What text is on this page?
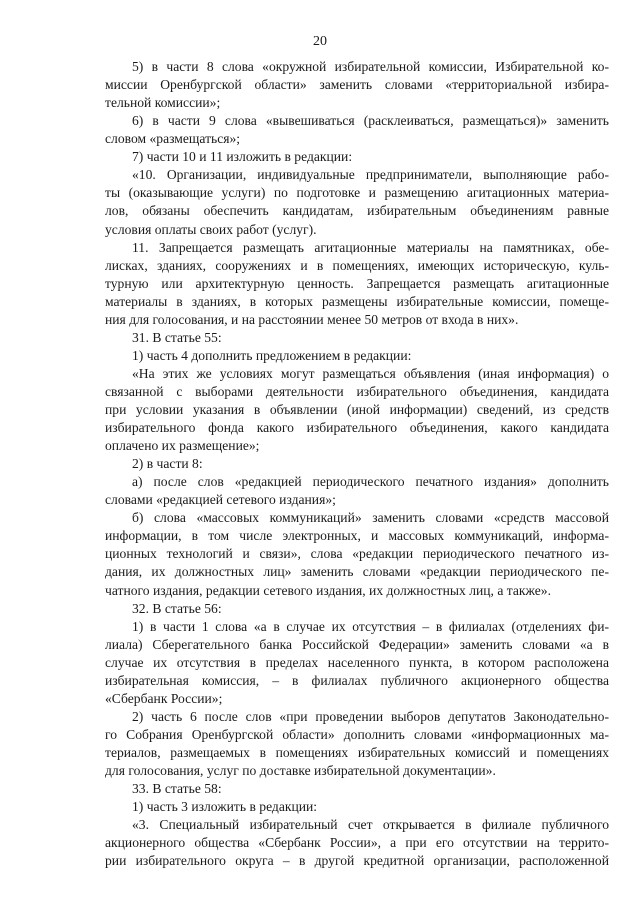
20
5) в части 8 слова «окружной избирательной комиссии, Избирательной ко-
миссии Оренбургской области» заменить словами «территориальной избира-
тельной комиссии»;
6) в части 9 слова «вывешиваться (расклеиваться, размещаться)» заменить
словом «размещаться»;
7) части 10 и 11 изложить в редакции:
«10. Организации, индивидуальные предприниматели, выполняющие рабо-
ты (оказывающие услуги) по подготовке и размещению агитационных материа-
лов, обязаны обеспечить кандидатам, избирательным объединениям равные
условия оплаты своих работ (услуг).
11. Запрещается размещать агитационные материалы на памятниках, обе-
лисках, зданиях, сооружениях и в помещениях, имеющих историческую, куль-
турную или архитектурную ценность. Запрещается размещать агитационные
материалы в зданиях, в которых размещены избирательные комиссии, помеще-
ния для голосования, и на расстоянии менее 50 метров от входа в них».
31. В статье 55:
1) часть 4 дополнить предложением в редакции:
«На этих же условиях могут размещаться объявления (иная информация) о
связанной с выборами деятельности избирательного объединения, кандидата
при условии указания в объявлении (иной информации) сведений, из средств
избирательного фонда какого избирательного объединения, какого кандидата
оплачено их размещение»;
2) в части 8:
а) после слов «редакцией периодического печатного издания» дополнить
словами «редакцией сетевого издания»;
б) слова «массовых коммуникаций» заменить словами «средств массовой
информации, в том числе электронных, и массовых коммуникаций, информа-
ционных технологий и связи», слова «редакции периодического печатного из-
дания, их должностных лиц» заменить словами «редакции периодического пе-
чатного издания, редакции сетевого издания, их должностных лиц, а также».
32. В статье 56:
1) в части 1 слова «а в случае их отсутствия – в филиалах (отделениях фи-
лиала) Сберегательного банка Российской Федерации» заменить словами «а в
случае их отсутствия в пределах населенного пункта, в котором расположена
избирательная комиссия, – в филиалах публичного акционерного общества
«Сбербанк России»;
2) часть 6 после слов «при проведении выборов депутатов Законодательно-
го Собрания Оренбургской области» дополнить словами «информационных ма-
териалов, размещаемых в помещениях избирательных комиссий и помещениях
для голосования, услуг по доставке избирательной документации».
33. В статье 58:
1) часть 3 изложить в редакции:
«3. Специальный избирательный счет открывается в филиале публичного
акционерного общества «Сбербанк России», а при его отсутствии на террито-
рии избирательного округа – в другой кредитной организации, расположенной
